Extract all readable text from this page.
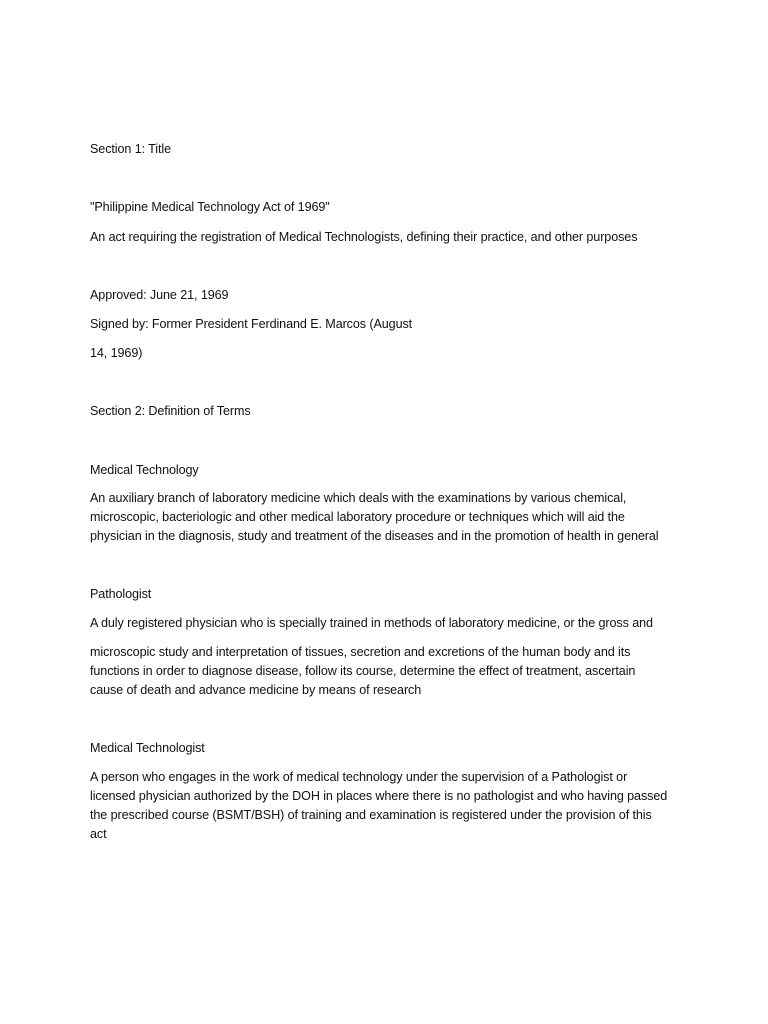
Section 1: Title
"Philippine Medical Technology Act of 1969"
An act requiring the registration of Medical Technologists, defining their practice, and other purposes
Approved: June 21, 1969
Signed by: Former President Ferdinand E. Marcos (August
14, 1969)
Section 2: Definition of Terms
Medical Technology
An auxiliary branch of laboratory medicine which deals with the examinations by various chemical,
microscopic, bacteriologic and other medical laboratory procedure or techniques which will aid the
physician in the diagnosis, study and treatment of the diseases and in the promotion of health in general
Pathologist
A duly registered physician who is specially trained in methods of laboratory medicine, or the gross and
microscopic study and interpretation of tissues, secretion and excretions of the human body and its
functions in order to diagnose disease, follow its course, determine the effect of treatment, ascertain
cause of death and advance medicine by means of research
Medical Technologist
A person who engages in the work of medical technology under the supervision of a Pathologist or
licensed physician authorized by the DOH in places where there is no pathologist and who having passed
the prescribed course (BSMT/BSH) of training and examination is registered under the provision of this
act
